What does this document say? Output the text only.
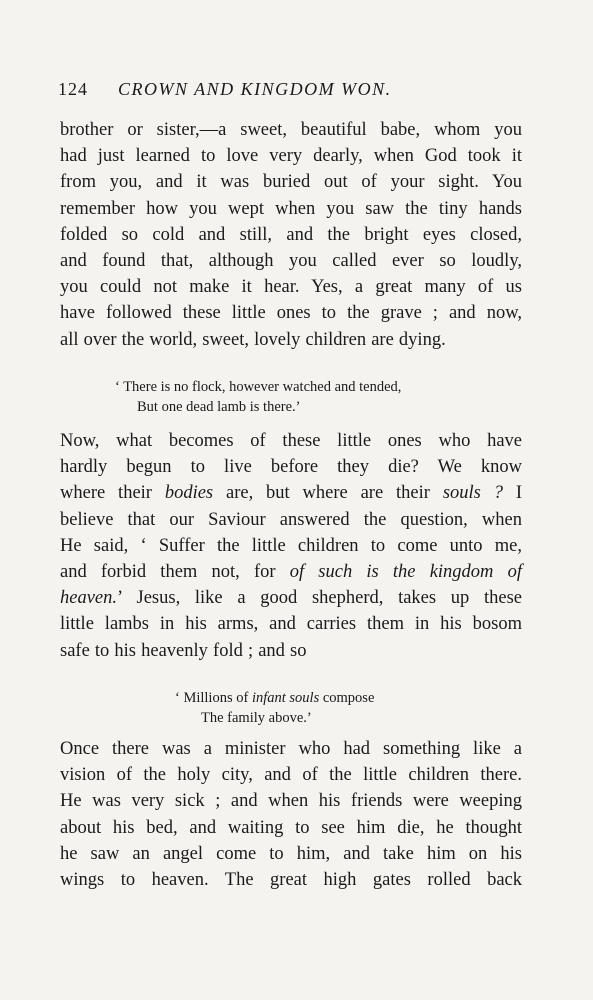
124 CROWN AND KINGDOM WON.
brother or sister,—a sweet, beautiful babe, whom you
had just learned to love very dearly, when God took it
from you, and it was buried out of your sight. You
remember how you wept when you saw the tiny hands
folded so cold and still, and the bright eyes closed,
and found that, although you called ever so loudly,
you could not make it hear. Yes, a great many of us
have followed these little ones to the grave ; and now,
all over the world, sweet, lovely children are dying.
‘ There is no flock, however watched and tended,
But one dead lamb is there.’
Now, what becomes of these little ones who have
hardly begun to live before they die? We know
where their bodies are, but where are their souls ? I
believe that our Saviour answered the question, when
He said, ‘ Suffer the little children to come unto me,
and forbid them not, for of such is the kingdom of
heaven.’ Jesus, like a good shepherd, takes up these
little lambs in his arms, and carries them in his bosom
safe to his heavenly fold ; and so
‘ Millions of infant souls compose
The family above.’
Once there was a minister who had something like a
vision of the holy city, and of the little children there.
He was very sick ; and when his friends were weeping
about his bed, and waiting to see him die, he thought
he saw an angel come to him, and take him on his
wings to heaven. The great high gates rolled back
